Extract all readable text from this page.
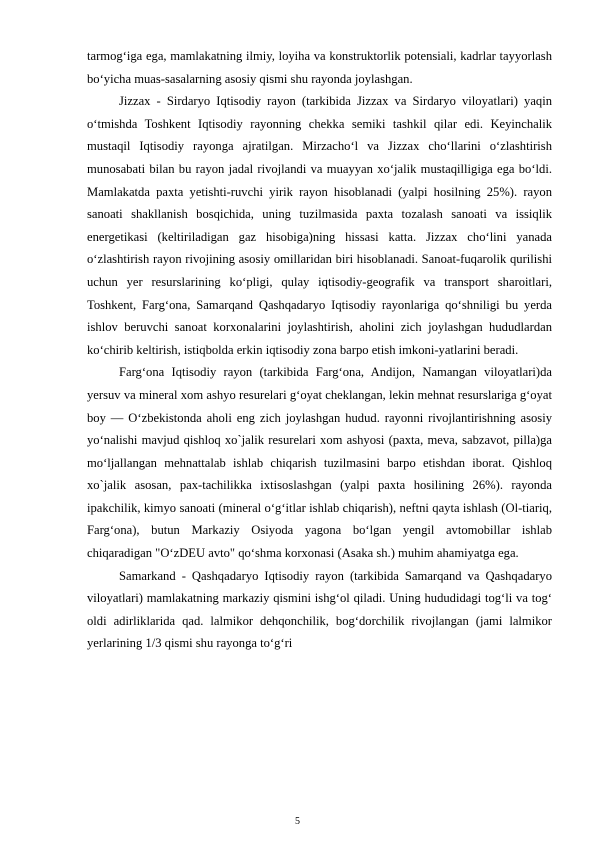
tarmog‘iga ega, mamlakatning ilmiy, loyiha va konstruktorlik potensiali, kadrlar tayyorlash bo‘yicha muas-sasalarning asosiy qismi shu rayonda joylashgan.

Jizzax - Sirdaryo Iqtisodiy rayon (tarkibida Jizzax va Sirdaryo viloyatlari) yaqin o‘tmishda Toshkent Iqtisodiy rayonning chekka semiki tashkil qilar edi. Keyinchalik mustaqil Iqtisodiy rayonga ajratilgan. Mirzacho‘l va Jizzax cho‘llarini o‘zlashtirish munosabati bilan bu rayon jadal rivojlandi va muayyan xo‘jalik mustaqilligiga ega bo‘ldi. Mamlakatda paxta yetishti-ruvchi yirik rayon hisoblanadi (yalpi hosilning 25%). rayon sanoati shakllanish bosqichida, uning tuzilmasida paxta tozalash sanoati va issiqlik energetikasi (keltiriladigan gaz hisobiga)ning hissasi katta. Jizzax cho‘lini yanada o‘zlashtirish rayon rivojining asosiy omillaridan biri hisoblanadi. Sanoat-fuqarolik qurilishi uchun yer resurslarining ko‘pligi, qulay iqtisodiy-geografik va transport sharoitlari, Toshkent, Farg‘ona, Samarqand Qashqadaryo Iqtisodiy rayonlariga qo‘shniligi bu yerda ishlov beruvchi sanoat korxonalarini joylashtirish, aholini zich joylashgan hududlardan ko‘chirib keltirish, istiqbolda erkin iqtisodiy zona barpo etish imkoni-yatlarini beradi.

Farg‘ona Iqtisodiy rayon (tarkibida Farg‘ona, Andijon, Namangan viloyatlari)da yersuv va mineral xom ashyo resurelari g‘oyat cheklangan, lekin mehnat resurslariga g‘oyat boy — O‘zbekistonda aholi eng zich joylashgan hudud. rayonni rivojlantirishning asosiy yo‘nalishi mavjud qishloq xo`jalik resurelari xom ashyosi (paxta, meva, sabzavot, pilla)ga mo‘ljallangan mehnattalab ishlab chiqarish tuzilmasini barpo etishdan iborat. Qishloq xo`jalik asosan, pax-tachilikka ixtisoslashgan (yalpi paxta hosilining 26%). rayonda ipakchilik, kimyo sanoati (mineral o‘g‘itlar ishlab chiqarish), neftni qayta ishlash (Ol-tiariq, Farg‘ona), butun Markaziy Osiyoda yagona bo‘lgan yengil avtomobillar ishlab chiqaradigan "O‘zDEU avto" qo‘shma korxonasi (Asaka sh.) muhim ahamiyatga ega.

Samarkand - Qashqadaryo Iqtisodiy rayon (tarkibida Samarqand va Qashqadaryo viloyatlari) mamlakatning markaziy qismini ishg‘ol qiladi. Uning hududidagi tog‘li va tog‘ oldi adirliklarida qad. lalmikor dehqonchilik, bog‘dorchilik rivojlangan (jami lalmikor yerlarining 1/3 qismi shu rayonga to‘g‘ri

5
